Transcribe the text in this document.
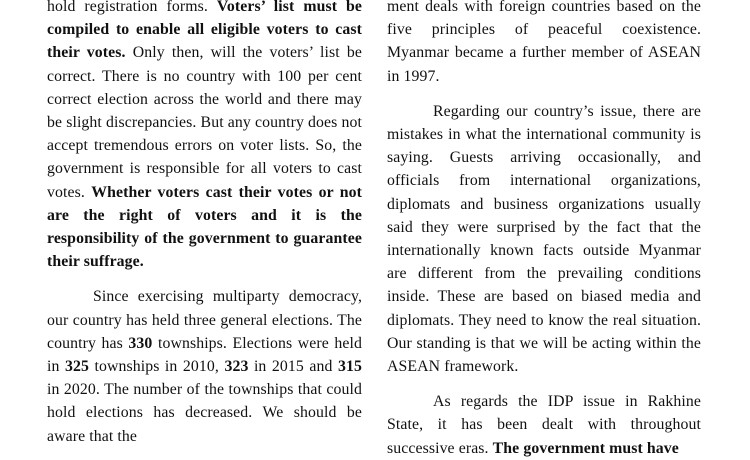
hold registration forms. Voters’ list must be compiled to enable all eligible voters to cast their votes. Only then, will the voters’ list be correct. There is no country with 100 per cent correct election across the world and there may be slight discrepancies. But any country does not accept tremendous errors on voter lists. So, the government is responsible for all voters to cast votes. Whether voters cast their votes or not are the right of voters and it is the responsibility of the government to guarantee their suffrage.

Since exercising multiparty democracy, our country has held three general elections. The country has 330 townships. Elections were held in 325 townships in 2010, 323 in 2015 and 315 in 2020. The number of the townships that could hold elections has decreased. We should be aware that the

ment deals with foreign countries based on the five principles of peaceful coexistence. Myanmar became a further member of ASEAN in 1997.

Regarding our country’s issue, there are mistakes in what the international community is saying. Guests arriving occasionally, and officials from international organizations, diplomats and business organizations usually said they were surprised by the fact that the internationally known facts outside Myanmar are different from the prevailing conditions inside. These are based on biased media and diplomats. They need to know the real situation. Our standing is that we will be acting within the ASEAN framework.

As regards the IDP issue in Rakhine State, it has been dealt with throughout successive eras. The government must have
